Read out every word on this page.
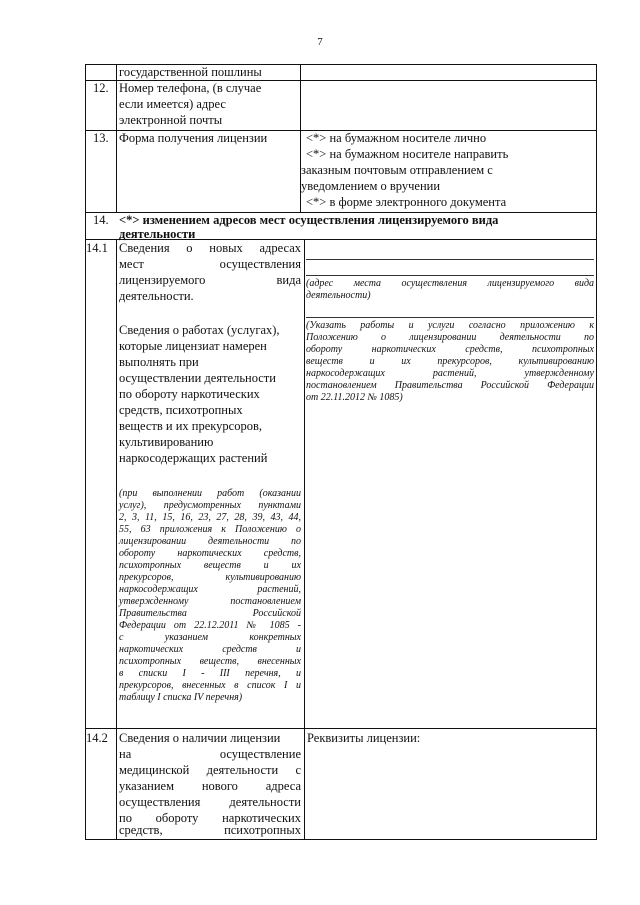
7
государственной пошлины
12. Номер телефона, (в случае
если имеется) адрес
электронной почты
13. Форма получения лицензии	<*> на бумажном носителе лично
<*> на бумажном носителе направить
заказным почтовым отправлением с
уведомлением о вручении
<*> в форме электронного документа
14. <*> изменением адресов мест осуществления лицензируемого вида
деятельности
14.1 Сведения о новых адресах
мест осуществления
лицензируемого вида
деятельности.
(адрес места осуществления лицензируемого вида
деятельности)
Сведения о работах (услугах),
которые лицензиат намерен
выполнять при
осуществлении деятельности
по обороту наркотических
средств, психотропных
веществ и их прекурсоров,
культивированию
наркосодержащих растений
(Указать работы и услуги согласно приложению к
Положению о лицензировании деятельности по
обороту наркотических средств, психотропных
веществ и их прекурсоров, культивированию
наркосодержащих растений, утвержденному
постановлением Правительства Российской Федерации
от 22.11.2012 № 1085)
(при выполнении работ (оказании
услуг), предусмотренных пунктами
2, 3, 11, 15, 16, 23, 27, 28, 39, 43, 44,
55, 63 приложения к Положению о
лицензировании деятельности по
обороту наркотических средств,
психотропных веществ и их
прекурсоров, культивированию
наркосодержащих растений,
утвержденному постановлением
Правительства Российской
Федерации от 22.12.2011 № 1085 -
с указанием конкретных
наркотических средств и
психотропных веществ, внесенных
в списки I - III перечня, и
прекурсоров, внесенных в список I и
таблицу I списка IV перечня)
14.2 Сведения о наличии лицензии
на осуществление
медицинской деятельности с
указанием нового адреса
осуществления деятельности
по обороту наркотических
средств, психотропных
Реквизиты лицензии:
